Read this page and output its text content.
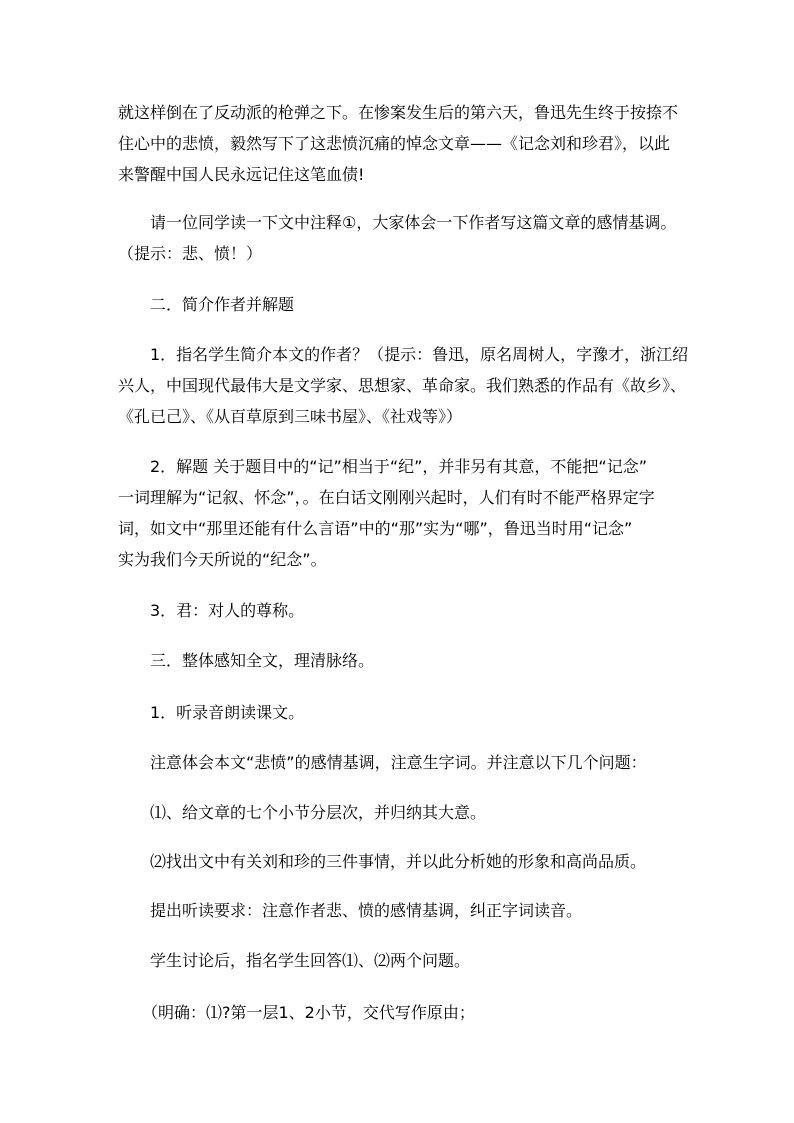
就这样倒在了反动派的枪弹之下。在惨案发生后的第六天，鲁迅先生终于按捺不
住心中的悲愤，毅然写下了这悲愤沉痛的悼念文章——《记念刘和珍君》，以此
来警醒中国人民永远记住这笔血债!
　　请一位同学读一下文中注释①，大家体会一下作者写这篇文章的感情基调。
（提示：悲、愤！）
　　二．简介作者并解题
　　1．指名学生简介本文的作者？（提示：鲁迅，原名周树人，字豫才，浙江绍
兴人，中国现代最伟大是文学家、思想家、革命家。我们熟悉的作品有《故乡》、
《孔已己》、《从百草原到三味书屋》、《社戏等》）
　　2．解题 关于题目中的“记”相当于“纪”，并非另有其意，不能把“记念”
一词理解为“记叙、怀念”，。在白话文刚刚兴起时，人们有时不能严格界定字
词，如文中“那里还能有什么言语”中的“那”实为“哪”，鲁迅当时用“记念”
实为我们今天所说的“纪念”。
　　3．君：对人的尊称。
　　三．整体感知全文，理清脉络。
　　1．听录音朗读课文。
　　注意体会本文“悲愤”的感情基调，注意生字词。并注意以下几个问题：
　　⑴、给文章的七个小节分层次，并归纳其大意。
　　⑵找出文中有关刘和珍的三件事情，并以此分析她的形象和高尚品质。
　　提出听读要求：注意作者悲、愤的感情基调，纠正字词读音。
　　学生讨论后，指名学生回答⑴、⑵两个问题。
　　（明确：⑴?第一层1、2小节，交代写作原由；
